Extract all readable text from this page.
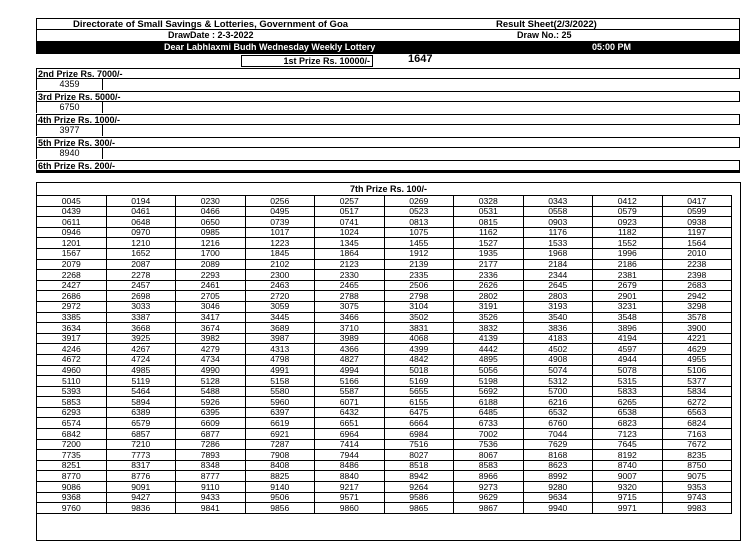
Directorate of Small Savings & Lotteries, Government of Goa	Result Sheet(2/3/2022)
DrawDate : 2-3-2022	Draw No.: 25
Dear Labhlaxmi Budh Wednesday Weekly Lottery	05:00 PM
1st Prize Rs. 10000/-	1647
2nd Prize Rs. 7000/-
4359
3rd Prize Rs. 5000/-
6750
4th Prize Rs. 1000/-
3977
5th Prize Rs. 300/-
8940
6th Prize Rs. 200/-
7th Prize Rs. 100/-
0045	0194	0230	0256	0257	0269	0328	0343	0412	0417
0439	0461	0466	0495	0517	0523	0531	0558	0579	0599
0611	0648	0650	0739	0741	0813	0815	0903	0923	0938
0946	0970	0985	1017	1024	1075	1162	1176	1182	1197
1201	1210	1216	1223	1345	1455	1527	1533	1552	1564
1567	1652	1700	1845	1864	1912	1935	1968	1996	2010
2079	2087	2089	2102	2123	2139	2177	2184	2186	2238
2268	2278	2293	2300	2330	2335	2336	2344	2381	2398
2427	2457	2461	2463	2465	2506	2626	2645	2679	2683
2686	2698	2705	2720	2788	2798	2802	2803	2901	2942
2972	3033	3046	3059	3075	3104	3191	3193	3231	3298
3385	3387	3417	3445	3466	3502	3526	3540	3548	3578
3634	3668	3674	3689	3710	3831	3832	3836	3896	3900
3917	3925	3982	3987	3989	4068	4139	4183	4194	4221
4246	4267	4279	4313	4366	4399	4442	4502	4597	4629
4672	4724	4734	4798	4827	4842	4895	4908	4944	4955
4960	4985	4990	4991	4994	5018	5056	5074	5078	5106
5110	5119	5128	5158	5166	5169	5198	5312	5315	5377
5393	5464	5488	5580	5587	5655	5692	5700	5833	5834
5853	5894	5926	5960	6071	6155	6188	6216	6265	6272
6293	6389	6395	6397	6432	6475	6485	6532	6538	6563
6574	6579	6609	6619	6651	6664	6733	6760	6823	6824
6842	6857	6877	6921	6964	6984	7002	7044	7123	7163
7200	7210	7286	7287	7414	7516	7536	7629	7645	7672
7735	7773	7893	7908	7944	8027	8067	8168	8192	8235
8251	8317	8348	8408	8486	8518	8583	8623	8740	8750
8770	8776	8777	8825	8840	8942	8966	8992	9007	9075
9086	9091	9110	9140	9217	9264	9273	9280	9320	9353
9368	9427	9433	9506	9571	9586	9629	9634	9715	9743
9760	9836	9841	9856	9860	9865	9867	9940	9971	9983
